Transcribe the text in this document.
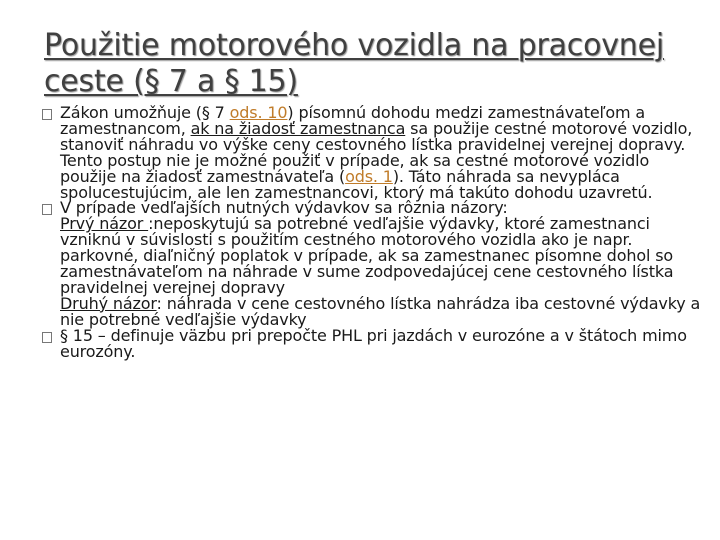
Použitie motorového vozidla na pracovnej ceste (§ 7 a § 15)
Zákon umožňuje (§ 7 ods. 10) písomnú dohodu medzi zamestnávateľom a zamestnancom, ak na žiadosť zamestnanca sa použije cestné motorové vozidlo, stanoviť náhradu vo výške ceny cestovného lístka pravidelnej verejnej dopravy. Tento postup nie je možné použiť v prípade, ak sa cestné motorové vozidlo použije na žiadosť zamestnávateľa (ods. 1). Táto náhrada sa nevypláca spolucestujúcim, ale len zamestnancovi, ktorý má takúto dohodu uzavretú.
V prípade vedľajších nutných výdavkov sa rôznia názory:
Prvý názor :neposkytujú sa potrebné vedľajšie výdavky, ktoré zamestnanci vzniknú v súvislosti s použitím cestného motorového vozidla ako je napr. parkovné, diaľničný poplatok v prípade, ak sa zamestnanec písomne dohol so zamestnávateľom na náhrade v sume zodpovedajúcej cene cestovného lístka pravidelnej verejnej dopravy
Druhý názor: náhrada v cene cestovného lístka nahrádza iba cestovné výdavky a nie potrebné vedľajšie výdavky
§ 15 – definuje väzbu pri prepočte PHL pri jazdách v eurozóne a v štátoch mimo eurozóny.
